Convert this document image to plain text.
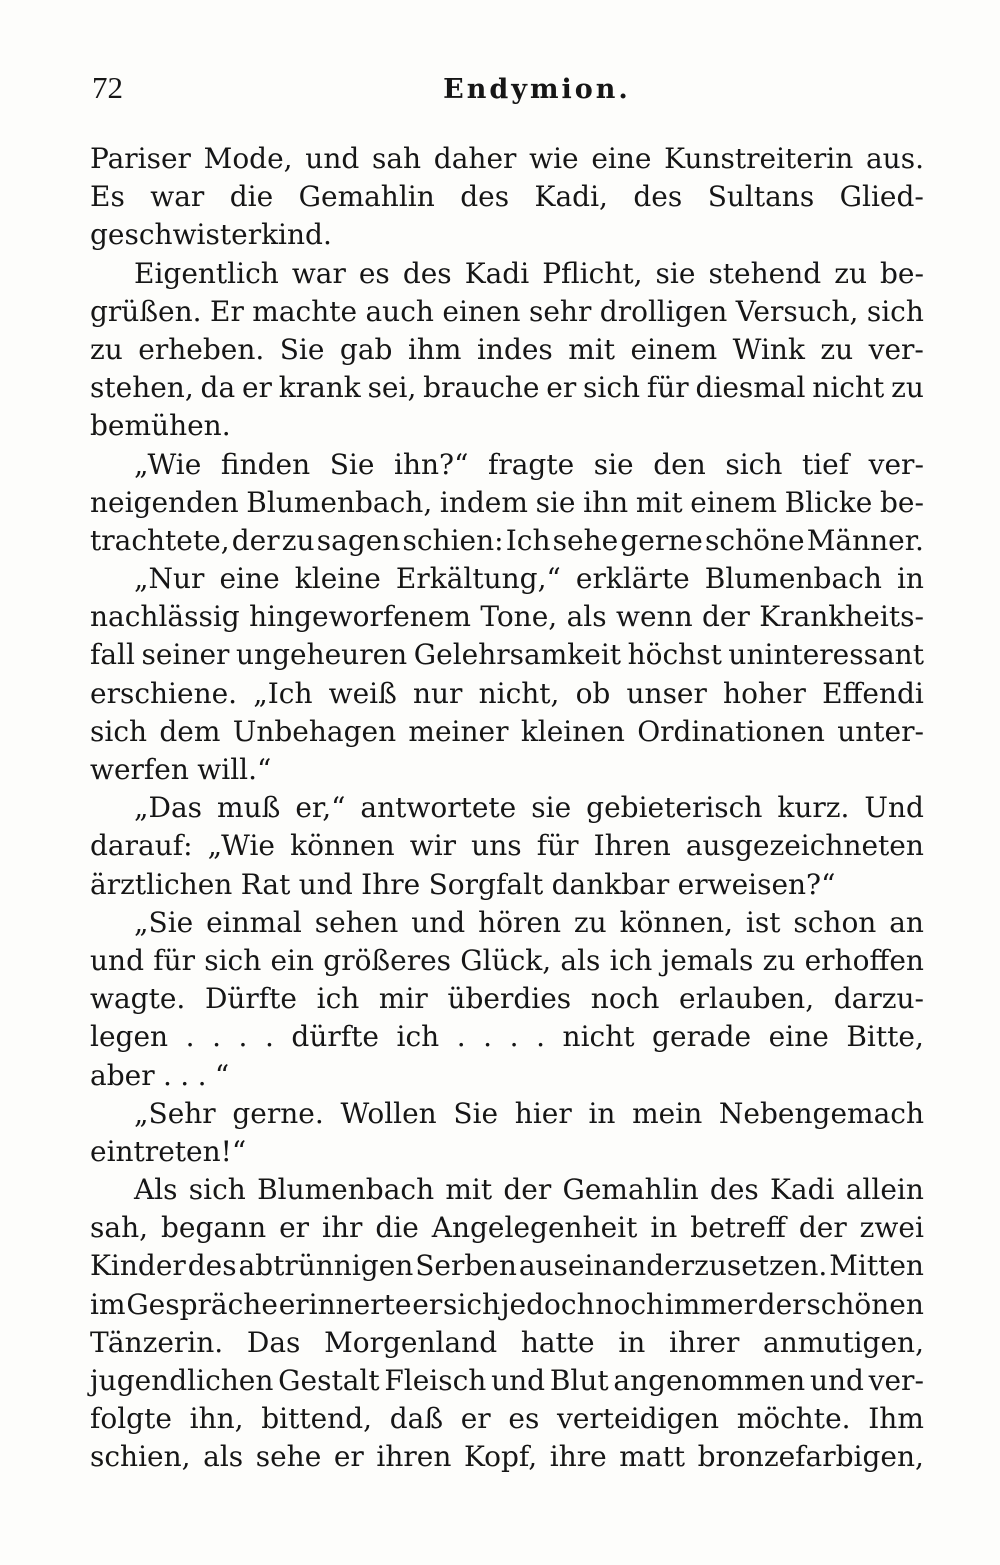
72	Endymion.
Pariser Mode, und sah daher wie eine Kunstreiterin aus.
Es war die Gemahlin des Kadi, des Sultans Glied-
geschwisterkind.
Eigentlich war es des Kadi Pflicht, sie stehend zu be-
grüßen. Er machte auch einen sehr drolligen Versuch, sich
zu erheben. Sie gab ihm indes mit einem Wink zu ver-
stehen, da er krank sei, brauche er sich für diesmal nicht zu
bemühen.
„Wie finden Sie ihn?“ fragte sie den sich tief ver-
neigenden Blumenbach, indem sie ihn mit einem Blicke be-
trachtete, der zu sagen schien: Ich sehe gerne schöne Männer.
„Nur eine kleine Erkältung,“ erklärte Blumenbach in
nachlässig hingeworfenem Tone, als wenn der Krankheits-
fall seiner ungeheuren Gelehrsamkeit höchst uninteressant
erschiene. „Ich weiß nur nicht, ob unser hoher Effendi
sich dem Unbehagen meiner kleinen Ordinationen unter-
werfen will.“
„Das muß er,“ antwortete sie gebieterisch kurz. Und
darauf: „Wie können wir uns für Ihren ausgezeichneten
ärztlichen Rat und Ihre Sorgfalt dankbar erweisen?“
„Sie einmal sehen und hören zu können, ist schon an
und für sich ein größeres Glück, als ich jemals zu erhoffen
wagte. Dürfte ich mir überdies noch erlauben, darzu-
legen . . . . dürfte ich . . . . nicht gerade eine Bitte,
aber . . . “
„Sehr gerne. Wollen Sie hier in mein Nebengemach
eintreten!“
Als sich Blumenbach mit der Gemahlin des Kadi allein
sah, begann er ihr die Angelegenheit in betreff der zwei
Kinder des abtrünnigen Serben auseinanderzusetzen. Mitten
im Gespräche erinnerte er sich jedoch noch immer der schönen
Tänzerin. Das Morgenland hatte in ihrer anmutigen,
jugendlichen Gestalt Fleisch und Blut angenommen und ver-
folgte ihn, bittend, daß er es verteidigen möchte. Ihm
schien, als sehe er ihren Kopf, ihre matt bronzefarbigen,
